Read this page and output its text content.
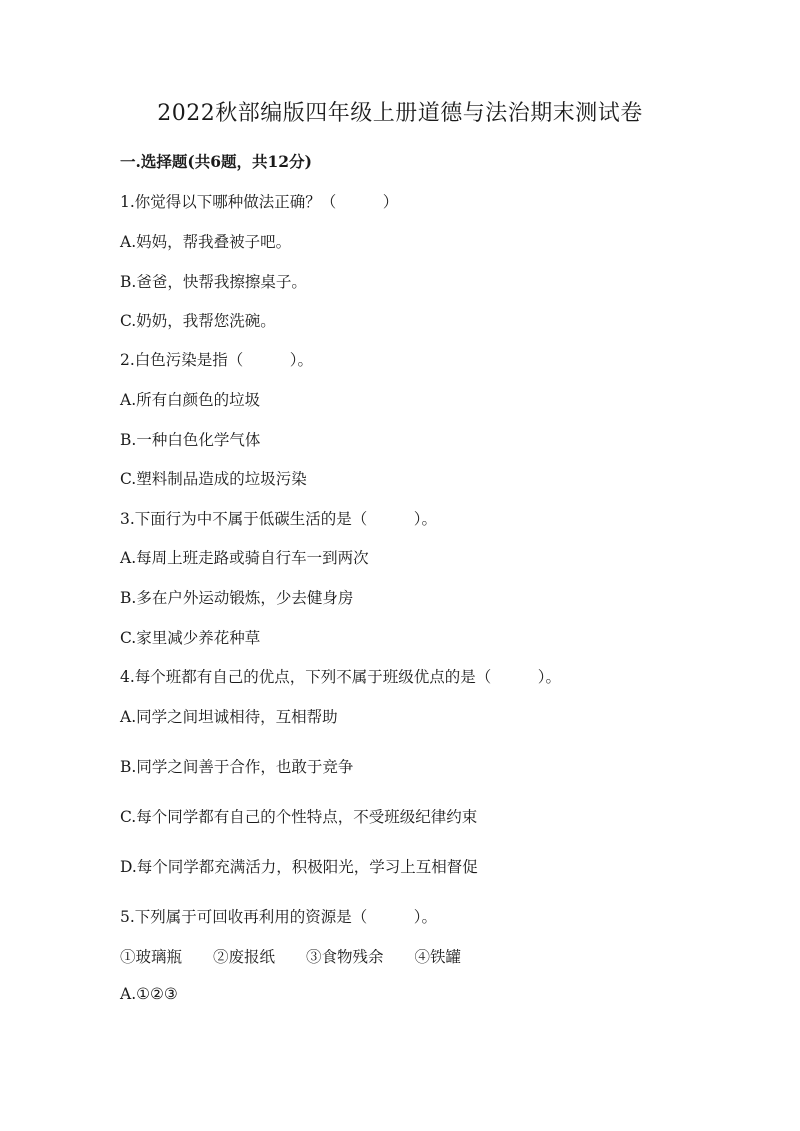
2022秋部编版四年级上册道德与法治期末测试卷
一.选择题(共6题，共12分)
1.你觉得以下哪种做法正确？（　　　）
A.妈妈，帮我叠被子吧。
B.爸爸，快帮我擦擦桌子。
C.奶奶，我帮您洗碗。
2.白色污染是指（　　　）。
A.所有白颜色的垃圾
B.一种白色化学气体
C.塑料制品造成的垃圾污染
3.下面行为中不属于低碳生活的是（　　　）。
A.每周上班走路或骑自行车一到两次
B.多在户外运动锻炼，少去健身房
C.家里减少养花种草
4.每个班都有自己的优点，下列不属于班级优点的是（　　　）。
A.同学之间坦诚相待，互相帮助
B.同学之间善于合作，也敢于竞争
C.每个同学都有自己的个性特点，不受班级纪律约束
D.每个同学都充满活力，积极阳光，学习上互相督促
5.下列属于可回收再利用的资源是（　　　）。
①玻璃瓶　　②废报纸　　③食物残余　　④铁罐
A.①②③
